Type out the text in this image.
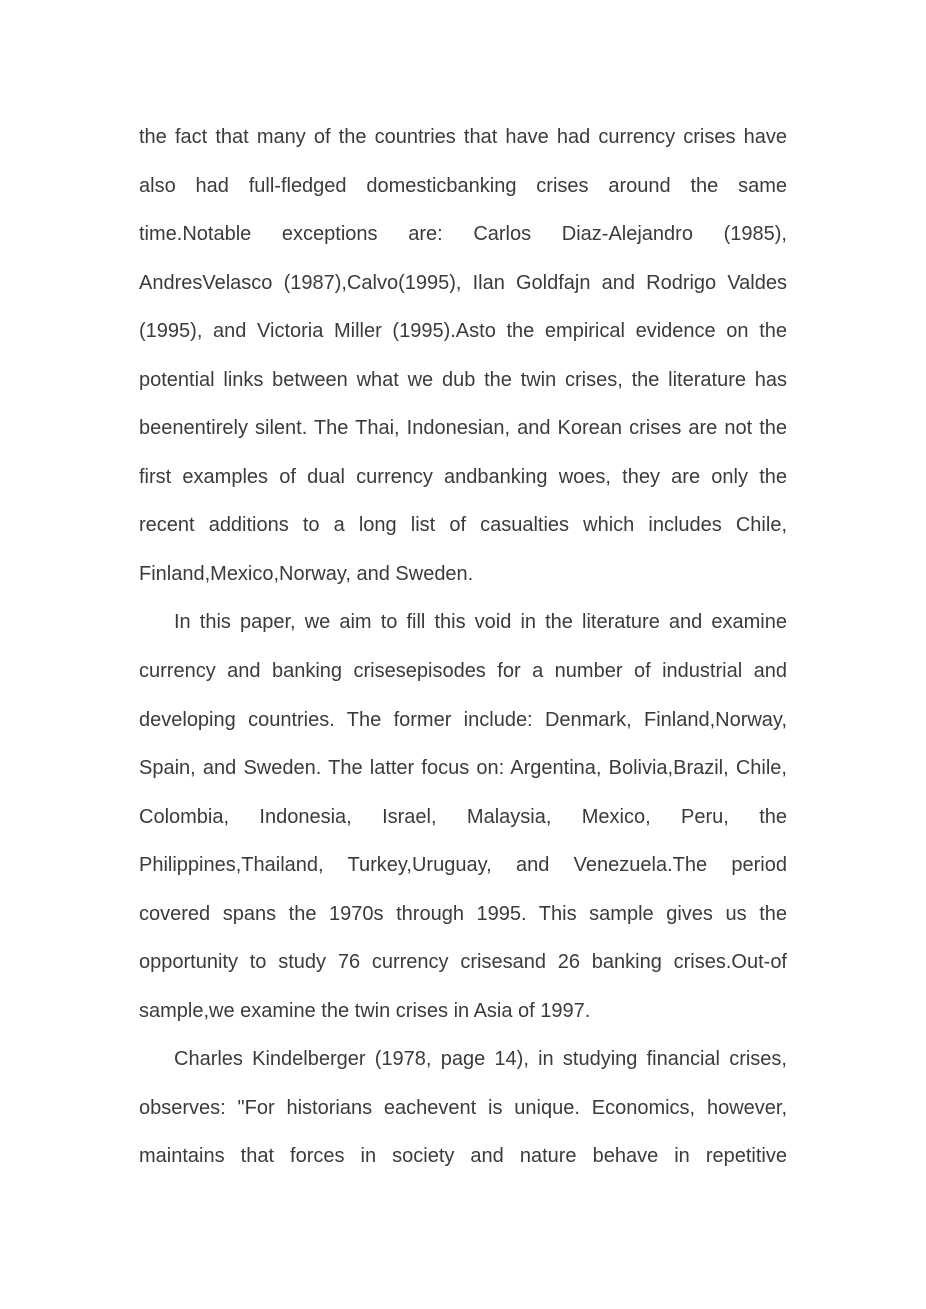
the fact that many of the countries that have had currency crises have
also had full-fledged domesticbanking crises around the same
time.Notable exceptions are: Carlos Diaz-Alejandro (1985),
AndresVelasco (1987),Calvo(1995), Ilan Goldfajn and Rodrigo Valdes
(1995), and Victoria Miller (1995).Asto the empirical evidence on the
potential links between what we dub the twin crises, the literature has
beenentirely silent. The Thai, Indonesian, and Korean crises are not the
first examples of dual currency andbanking woes, they are only the
recent additions to a long list of casualties which includes Chile,
Finland,Mexico,Norway, and Sweden.
In this paper, we aim to fill this void in the literature and examine
currency and banking crisesepisodes for a number of industrial and
developing countries. The former include: Denmark, Finland,Norway,
Spain, and Sweden. The latter focus on: Argentina, Bolivia,Brazil, Chile,
Colombia, Indonesia, Israel, Malaysia, Mexico, Peru, the
Philippines,Thailand, Turkey,Uruguay, and Venezuela.The period
covered spans the 1970s through 1995. This sample gives us the
opportunity to study 76 currency crisesand 26 banking crises.Out-of
sample,we examine the twin crises in Asia of 1997.
Charles Kindelberger (1978, page 14), in studying financial crises,
observes: "For historians eachevent is unique. Economics, however,
maintains that forces in society and nature behave in repetitive
